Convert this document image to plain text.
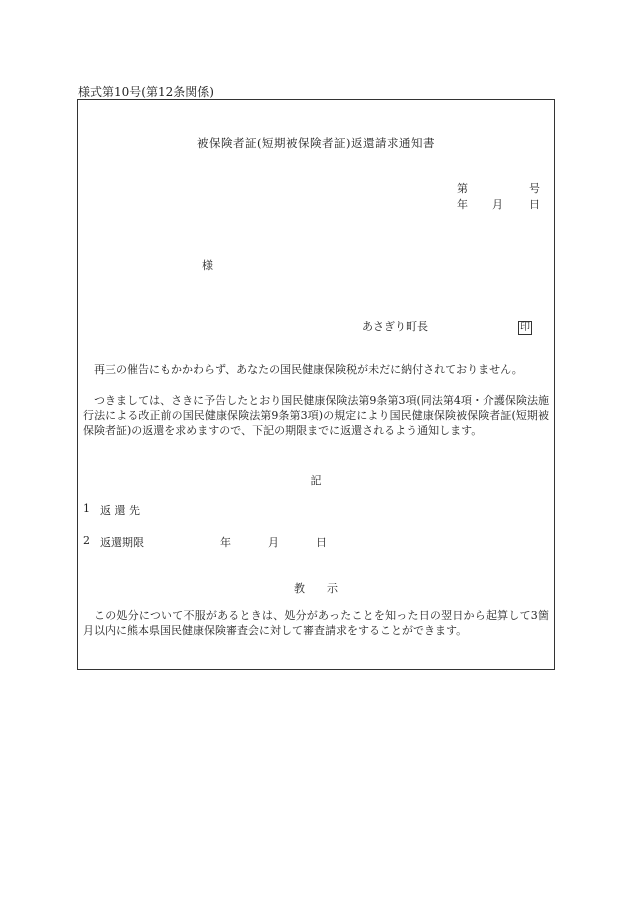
様式第10号(第12条関係)
被保険者証(短期被保険者証)返還請求通知書
第	号
年 月 日
様
あさぎり町長	印
再三の催告にもかかわらず、あなたの国民健康保険税が未だに納付されておりません。
つきましては、さきに予告したとおり国民健康保険法第9条第3項(同法第4項・介護保険法施行法による改正前の国民健康保険法第9条第3項)の規定により国民健康保険被保険者証(短期被保険者証)の返還を求めますので、下記の期限までに返還されるよう通知します。
記
1 返 還 先
2 返還期限	年	月	日
教　　示
この処分について不服があるときは、処分があったことを知った日の翌日から起算して3箇月以内に熊本県国民健康保険審査会に対して審査請求をすることができます。
